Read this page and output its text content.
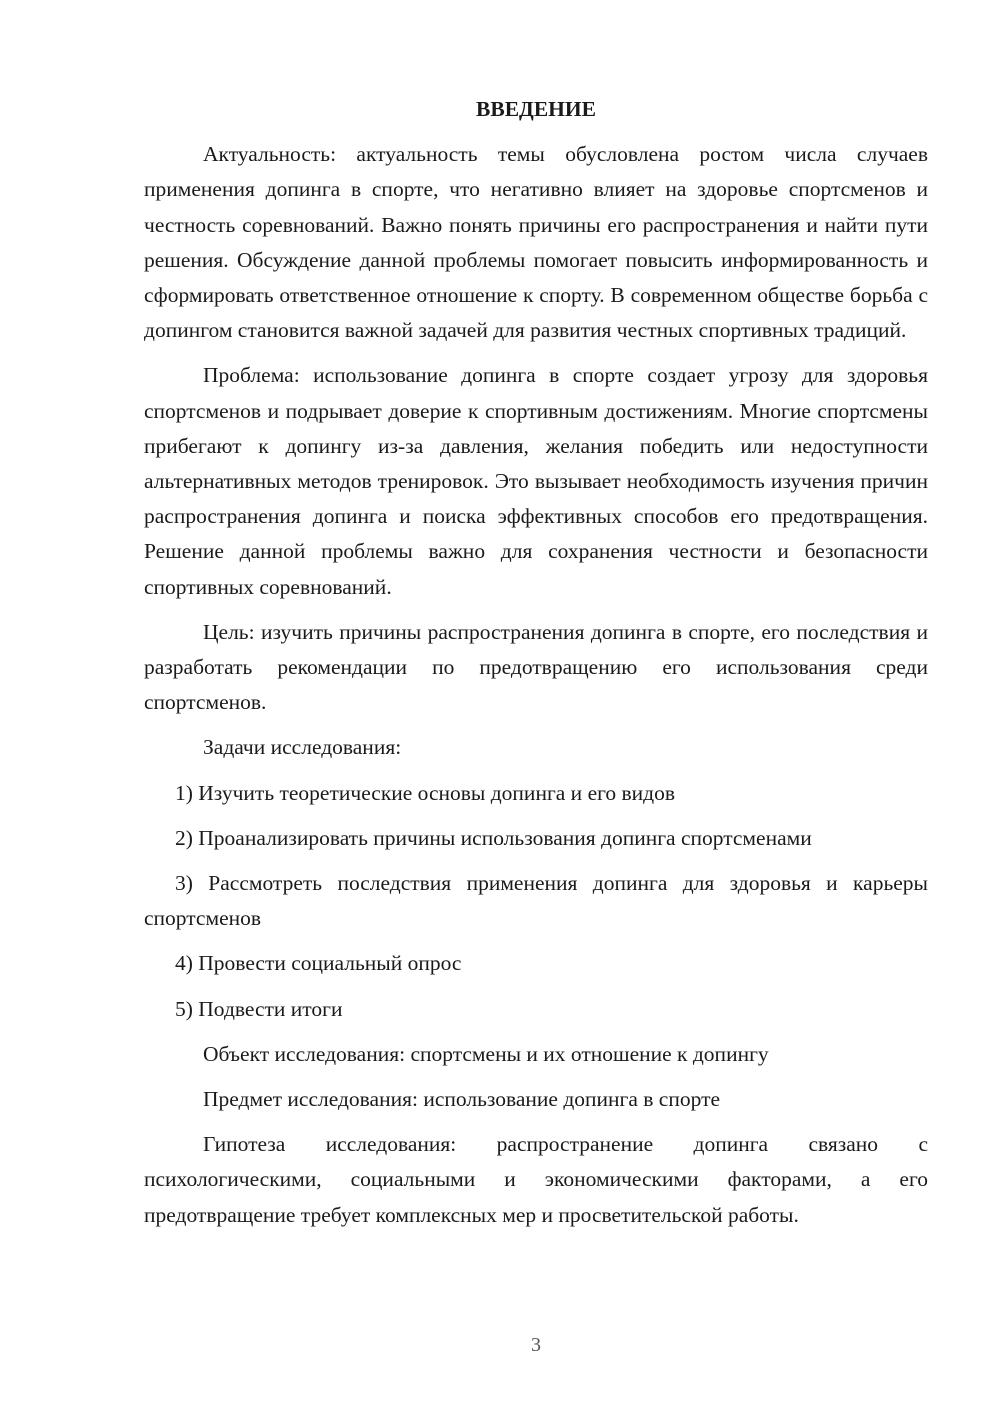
ВВЕДЕНИЕ

Актуальность: актуальность темы обусловлена ростом числа случаев применения допинга в спорте, что негативно влияет на здоровье спортсменов и честность соревнований. Важно понять причины его распространения и найти пути решения. Обсуждение данной проблемы помогает повысить информированность и сформировать ответственное отношение к спорту. В современном обществе борьба с допингом становится важной задачей для развития честных спортивных традиций.

Проблема: использование допинга в спорте создает угрозу для здоровья спортсменов и подрывает доверие к спортивным достижениям. Многие спортсмены прибегают к допингу из-за давления, желания победить или недоступности альтернативных методов тренировок. Это вызывает необходимость изучения причин распространения допинга и поиска эффективных способов его предотвращения. Решение данной проблемы важно для сохранения честности и безопасности спортивных соревнований.

Цель: изучить причины распространения допинга в спорте, его последствия и разработать рекомендации по предотвращению его использования среди спортсменов.

Задачи исследования:

1) Изучить теоретические основы допинга и его видов

2) Проанализировать причины использования допинга спортсменами

3) Рассмотреть последствия применения допинга для здоровья и карьеры спортсменов

4) Провести социальный опрос

5) Подвести итоги

Объект исследования: спортсмены и их отношение к допингу

Предмет исследования: использование допинга в спорте

Гипотеза исследования: распространение допинга связано с психологическими, социальными и экономическими факторами, а его предотвращение требует комплексных мер и просветительской работы.

3
